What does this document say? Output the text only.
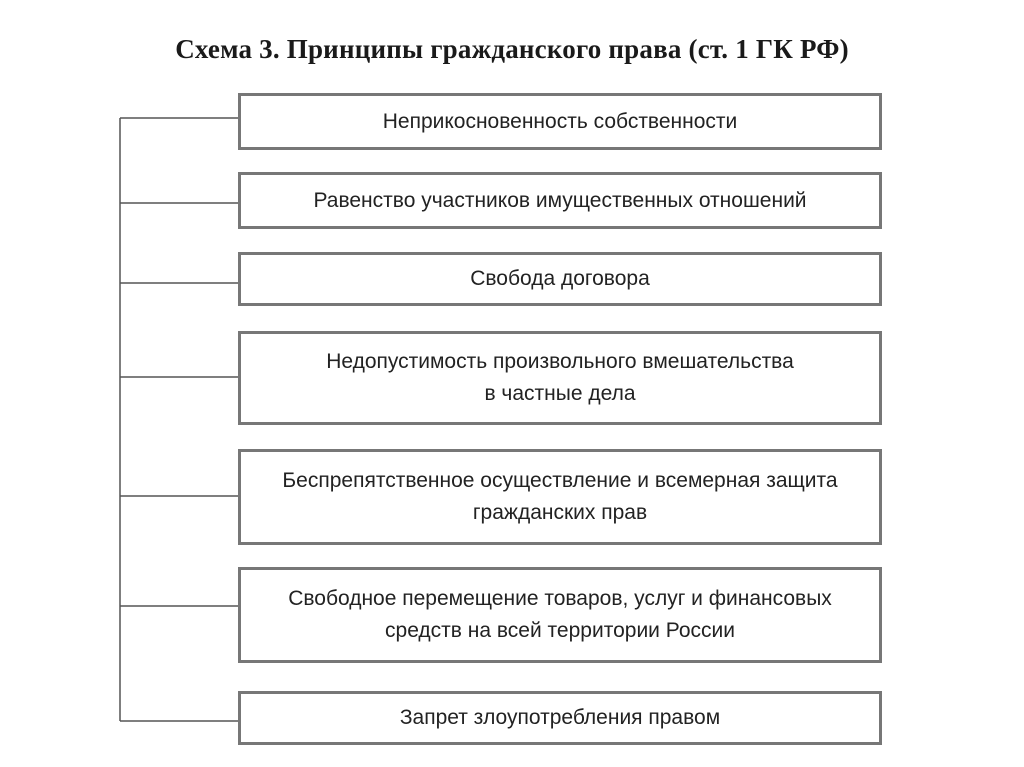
Схема 3. Принципы гражданского права (ст. 1 ГК РФ)
Неприкосновенность собственности
Равенство участников имущественных отношений
Свобода договора
Недопустимость произвольного вмешательства
в частные дела
Беспрепятственное осуществление и всемерная защита
гражданских прав
Свободное перемещение товаров, услуг и финансовых
средств на всей территории России
Запрет злоупотребления правом
